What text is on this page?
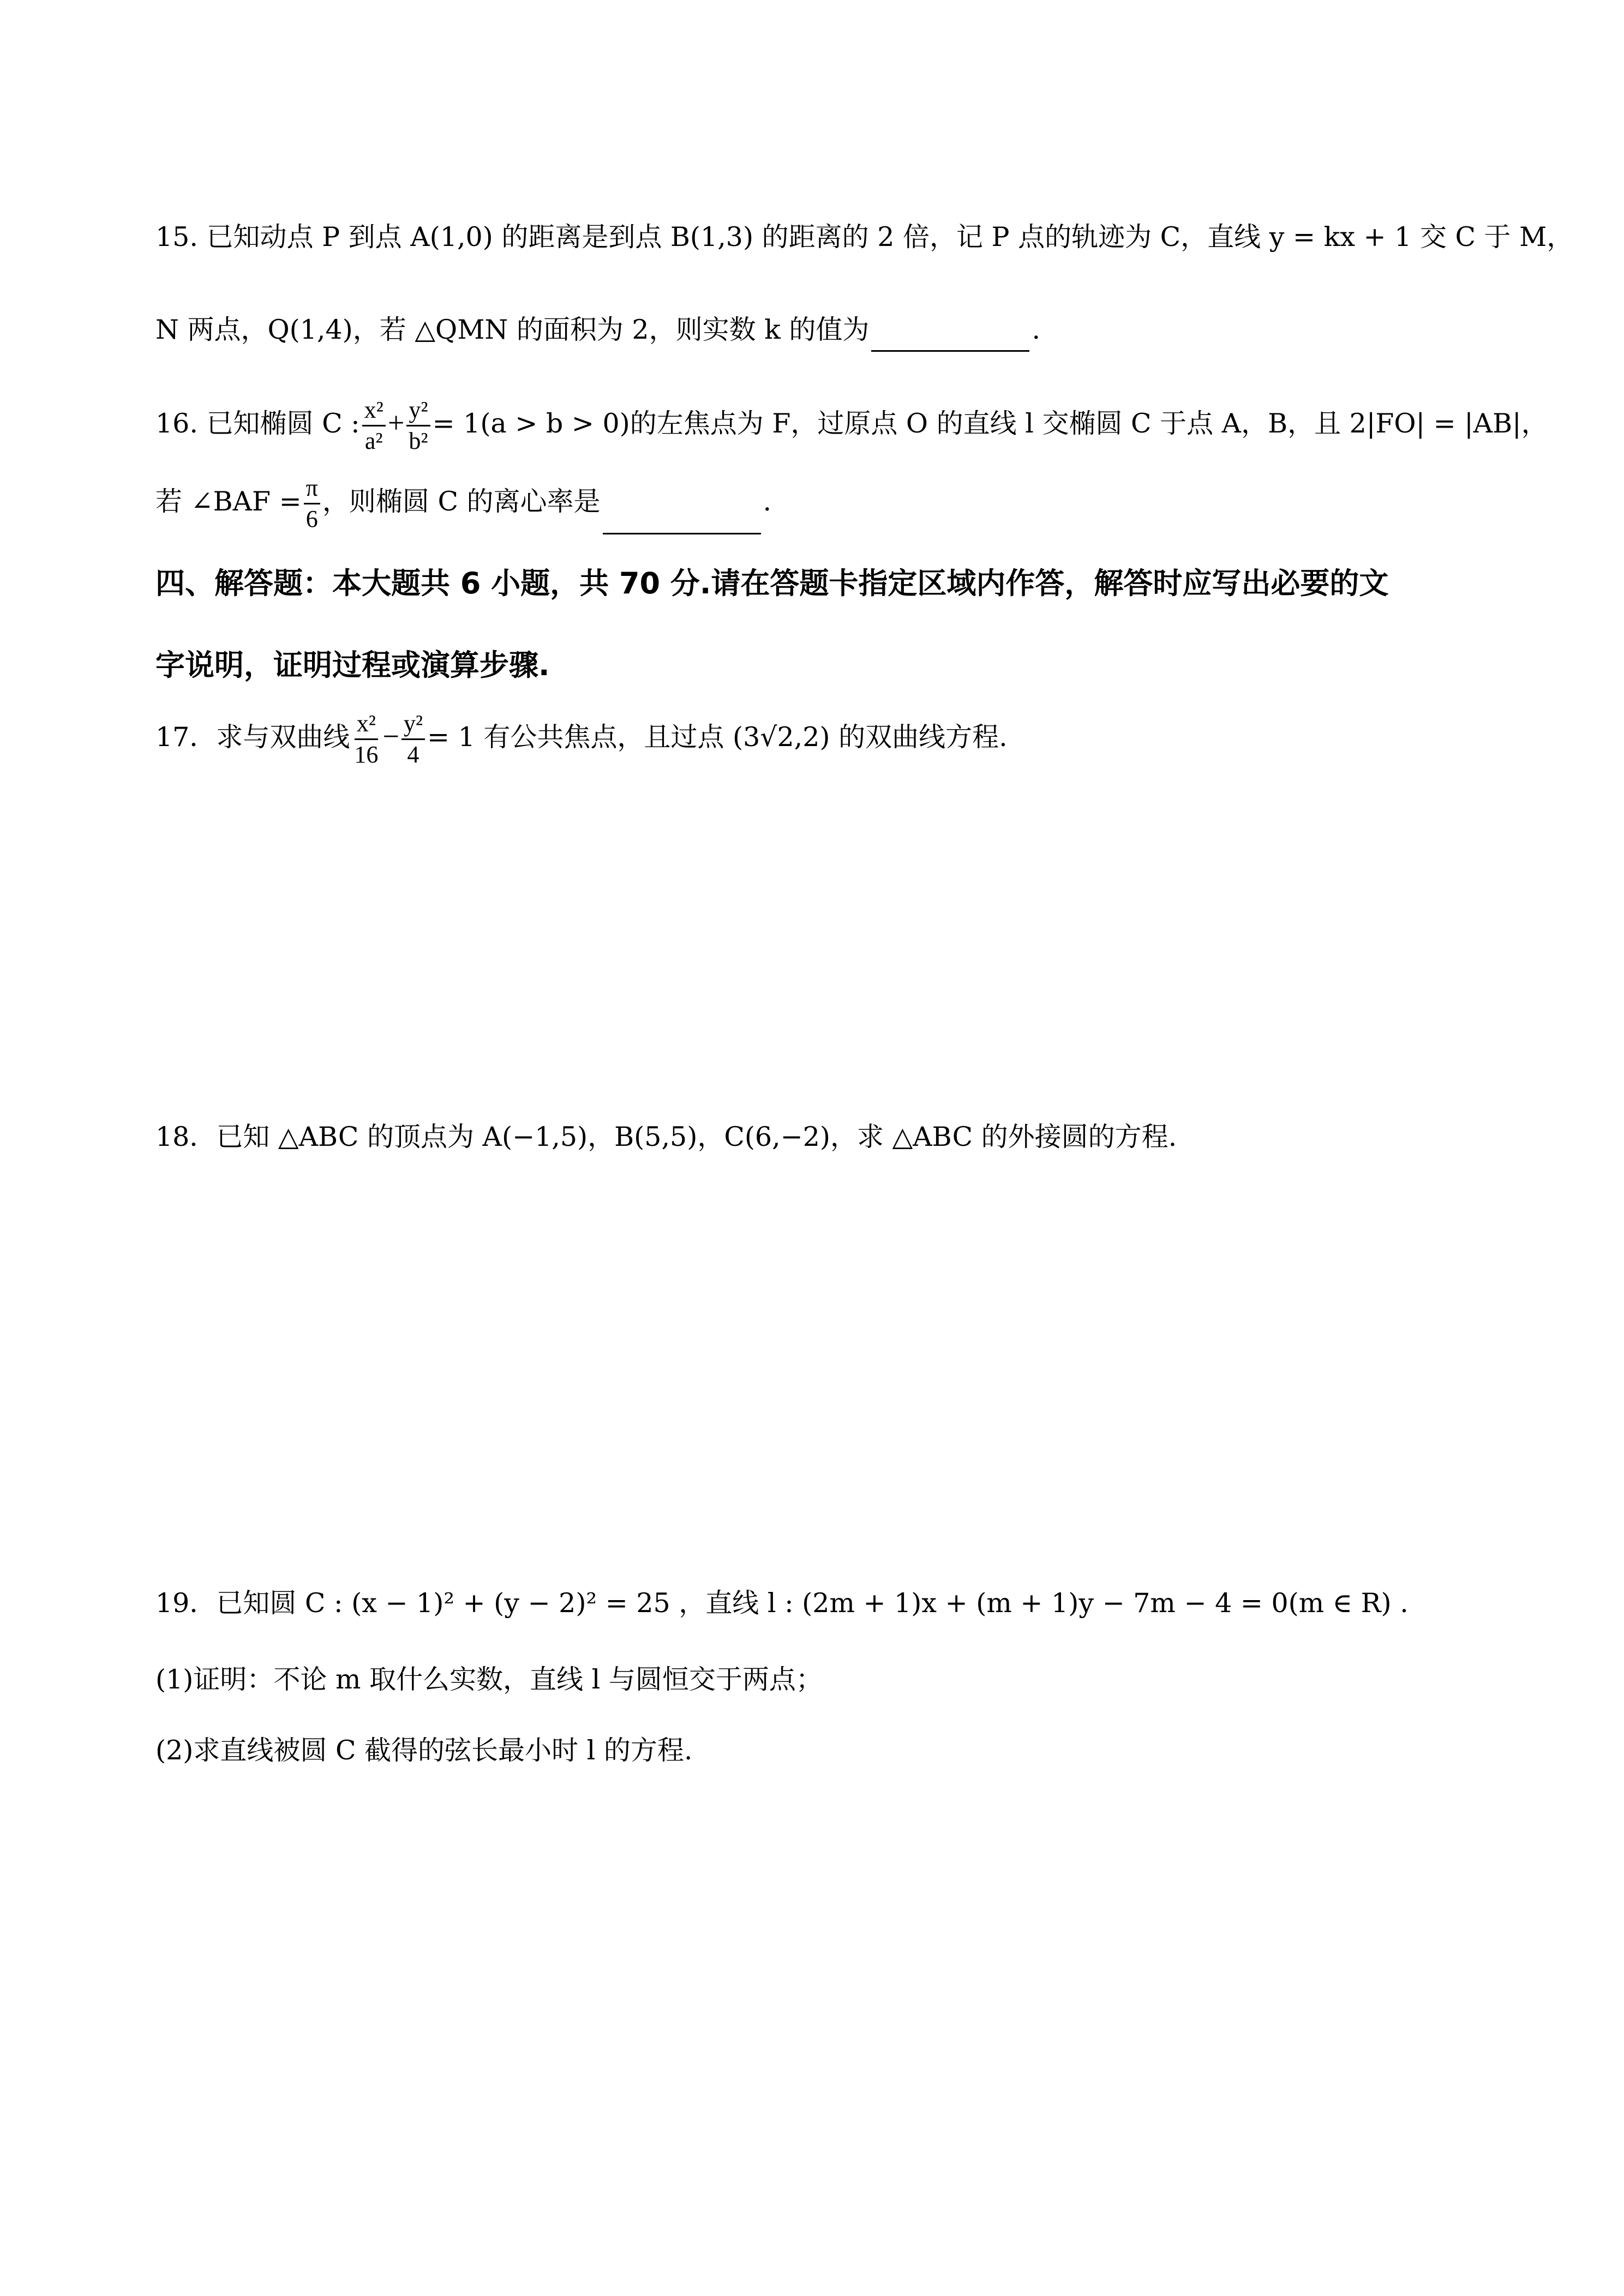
15. 已知动点 P 到点 A(1,0) 的距离是到点 B(1,3) 的距离的 2 倍，记 P 点的轨迹为 C，直线 y = kx + 1 交 C 于 M，
N 两点，Q(1,4)，若 △QMN 的面积为 2，则实数 k 的值为	.
16. 已知椭圆 C : $\frac{\text{x²}}{\text{a²}} + \frac{\text{y²}}{\text{b²}} = 1(a > b > 0)$的左焦点为 F，过原点 O 的直线 l 交椭圆 C 于点 A，B，且 2|FO| = |AB|，
若 ∠BAF = $\frac{\pi}{6}$ ，则椭圆 C 的离心率是	.
四、解答题：本大题共 6 小题，共 70 分.请在答题卡指定区域内作答，解答时应写出必要的文
字说明，证明过程或演算步骤.
17．求与双曲线 $\frac{\text{x²}}{16} - \frac{\text{y²}}{4} = 1$ 有公共焦点，且过点 (3√2,2) 的双曲线方程.
18．已知 △ABC 的顶点为 A(−1,5)，B(5,5)，C(6,−2)，求 △ABC 的外接圆的方程.
19．已知圆 C : (x − 1)² + (y − 2)² = 25 ，直线 l : (2m + 1)x + (m + 1)y − 7m − 4 = 0(m ∈ R) .
(1)证明：不论 m 取什么实数，直线 l 与圆恒交于两点；
(2)求直线被圆 C 截得的弦长最小时 l 的方程.
